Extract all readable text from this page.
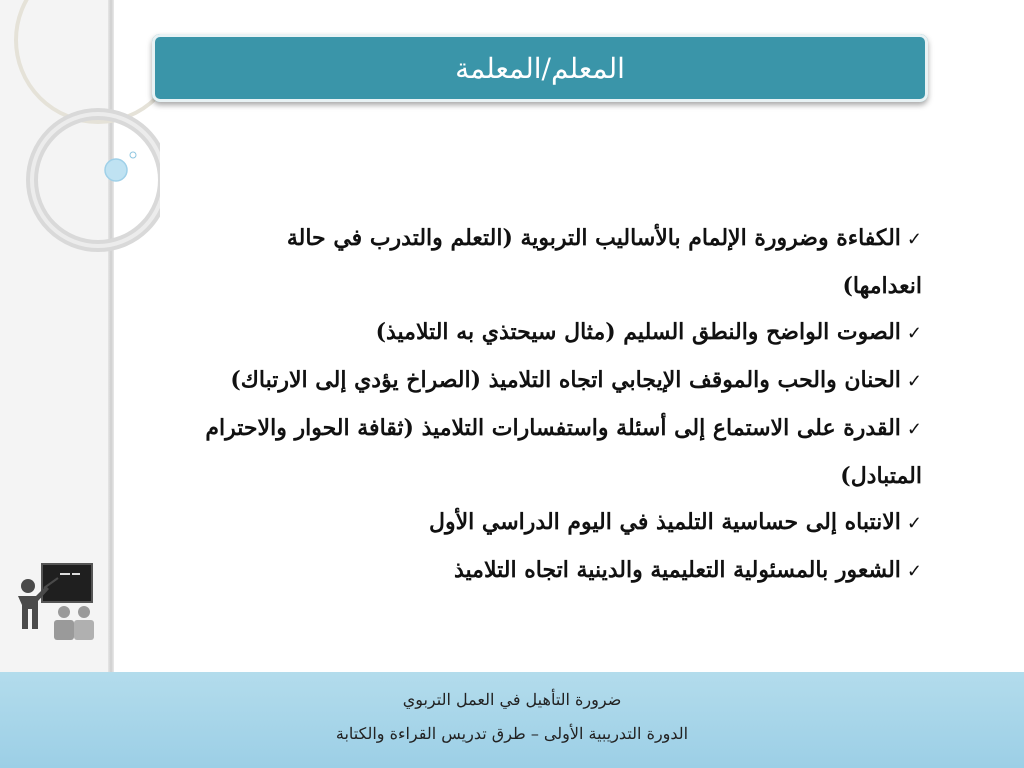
المعلم/المعلمة
✓الكفاءة وضرورة الإلمام بالأساليب التربوية (التعلم والتدرب في حالة انعدامها)
✓الصوت الواضح والنطق السليم (مثال سيحتذي به التلاميذ)
✓الحنان والحب والموقف الإيجابي اتجاه التلاميذ (الصراخ يؤدي إلى الارتباك)
✓القدرة على الاستماع إلى أسئلة واستفسارات التلاميذ (ثقافة الحوار والاحترام المتبادل)
✓الانتباه إلى حساسية التلميذ في اليوم الدراسي الأول
✓الشعور بالمسئولية التعليمية والدينية اتجاه التلاميذ
ضرورة التأهيل في العمل التربوي
الدورة التدريبية الأولى – طرق تدريس القراءة والكتابة
